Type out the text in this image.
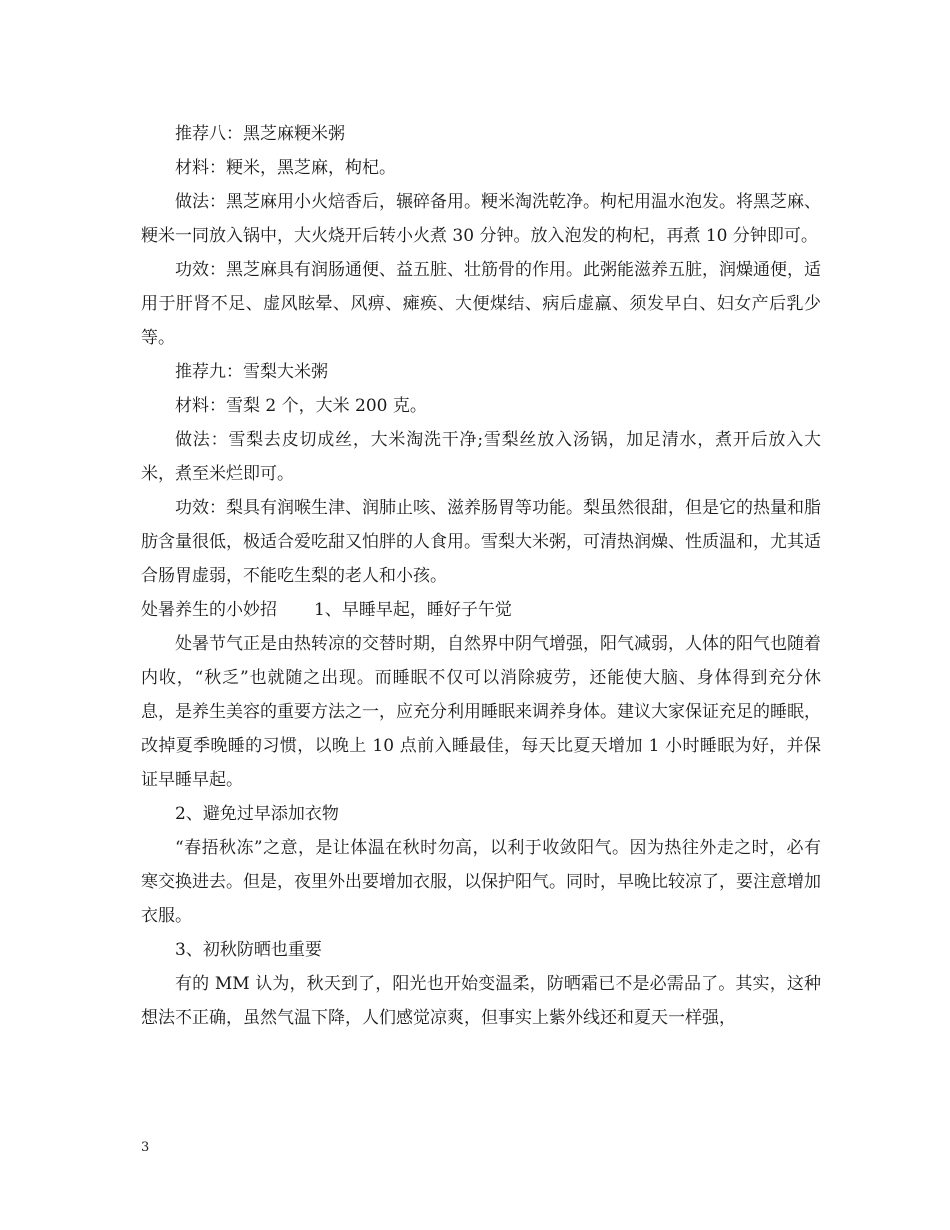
推荐八：黑芝麻粳米粥

材料：粳米，黑芝麻，枸杞。

做法：黑芝麻用小火焙香后，辗碎备用。粳米淘洗乾净。枸杞用温水泡发。将黑芝麻、粳米一同放入锅中，大火烧开后转小火煮 30 分钟。放入泡发的枸杞，再煮 10 分钟即可。

功效：黑芝麻具有润肠通便、益五脏、壮筋骨的作用。此粥能滋养五脏，润燥通便，适用于肝肾不足、虚风眩晕、风痹、瘫痪、大便煤结、病后虚羸、须发早白、妇女产后乳少等。

推荐九：雪梨大米粥

材料：雪梨 2 个，大米 200 克。

做法：雪梨去皮切成丝，大米淘洗干净;雪梨丝放入汤锅，加足清水，煮开后放入大米，煮至米烂即可。

功效：梨具有润喉生津、润肺止咳、滋养肠胃等功能。梨虽然很甜，但是它的热量和脂肪含量很低，极适合爱吃甜又怕胖的人食用。雪梨大米粥，可清热润燥、性质温和，尤其适合肠胃虚弱，不能吃生梨的老人和小孩。

处暑养生的小妙招 1、早睡早起，睡好子午觉

处暑节气正是由热转凉的交替时期，自然界中阴气增强，阳气减弱，人体的阳气也随着内收，“秋乏”也就随之出现。而睡眠不仅可以消除疲劳，还能使大脑、身体得到充分休息，是养生美容的重要方法之一，应充分利用睡眠来调养身体。建议大家保证充足的睡眠，改掉夏季晚睡的习惯，以晚上 10 点前入睡最佳，每天比夏天增加 1 小时睡眠为好，并保证早睡早起。

2、避免过早添加衣物

“春捂秋冻”之意，是让体温在秋时勿高，以利于收敛阳气。因为热往外走之时，必有寒交换进去。但是，夜里外出要增加衣服，以保护阳气。同时，早晚比较凉了，要注意增加衣服。

3、初秋防晒也重要

有的 MM 认为，秋天到了，阳光也开始变温柔，防晒霜已不是必需品了。其实，这种想法不正确，虽然气温下降，人们感觉凉爽，但事实上紫外线还和夏天一样强，

3
